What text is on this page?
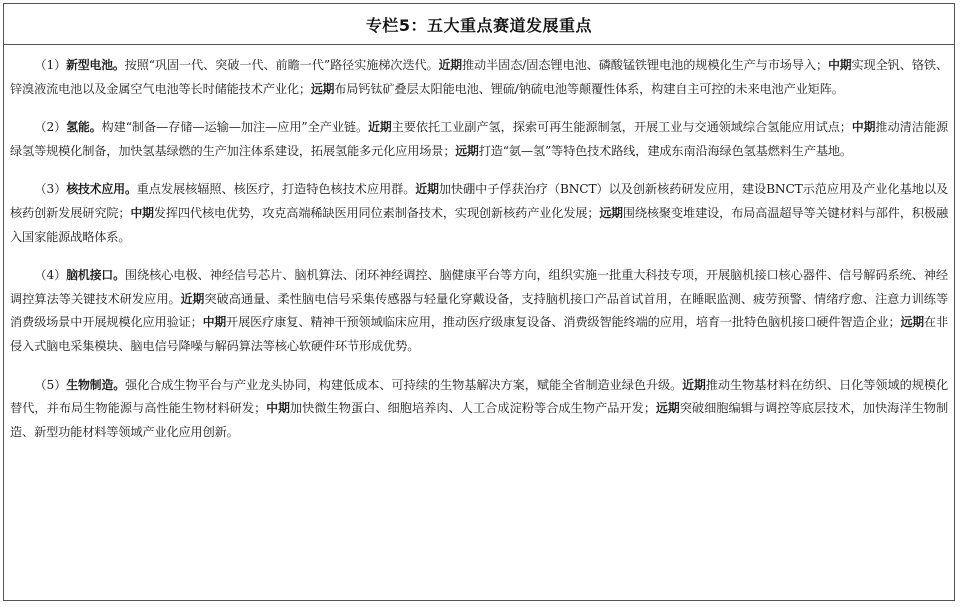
专栏5：五大重点赛道发展重点

（1）新型电池。按照“巩固一代、突破一代、前瞻一代”路径实施梯次迭代。近期推动半固态/固态锂电池、磷酸锰铁锂电池的规模化生产与市场导入；中期实现全钒、铬铁、锌溴液流电池以及金属空气电池等长时储能技术产业化；远期布局钙钛矿叠层太阳能电池、锂硫/钠硫电池等颠覆性体系，构建自主可控的未来电池产业矩阵。

（2）氢能。构建“制备—存储—运输—加注—应用”全产业链。近期主要依托工业副产氢，探索可再生能源制氢，开展工业与交通领域综合氢能应用试点；中期推动清洁能源绿氢等规模化制备，加快氢基绿燃的生产加注体系建设，拓展氢能多元化应用场景；远期打造“氨—氢”等特色技术路线，建成东南沿海绿色氢基燃料生产基地。

（3）核技术应用。重点发展核辐照、核医疗，打造特色核技术应用群。近期加快硼中子俘获治疗（BNCT）以及创新核药研发应用，建设BNCT示范应用及产业化基地以及核药创新发展研究院；中期发挥四代核电优势，攻克高端稀缺医用同位素制备技术，实现创新核药产业化发展；远期围绕核聚变堆建设，布局高温超导等关键材料与部件，积极融入国家能源战略体系。

（4）脑机接口。围绕核心电极、神经信号芯片、脑机算法、闭环神经调控、脑健康平台等方向，组织实施一批重大科技专项，开展脑机接口核心器件、信号解码系统、神经调控算法等关键技术研发应用。近期突破高通量、柔性脑电信号采集传感器与轻量化穿戴设备，支持脑机接口产品首试首用，在睡眠监测、疲劳预警、情绪疗愈、注意力训练等消费级场景中开展规模化应用验证；中期开展医疗康复、精神干预领域临床应用，推动医疗级康复设备、消费级智能终端的应用，培育一批特色脑机接口硬件智造企业；远期在非侵入式脑电采集模块、脑电信号降噪与解码算法等核心软硬件环节形成优势。

（5）生物制造。强化合成生物平台与产业龙头协同，构建低成本、可持续的生物基解决方案，赋能全省制造业绿色升级。近期推动生物基材料在纺织、日化等领域的规模化替代，并布局生物能源与高性能生物材料研发；中期加快微生物蛋白、细胞培养肉、人工合成淀粉等合成生物产品开发；远期突破细胞编辑与调控等底层技术，加快海洋生物制造、新型功能材料等领域产业化应用创新。
